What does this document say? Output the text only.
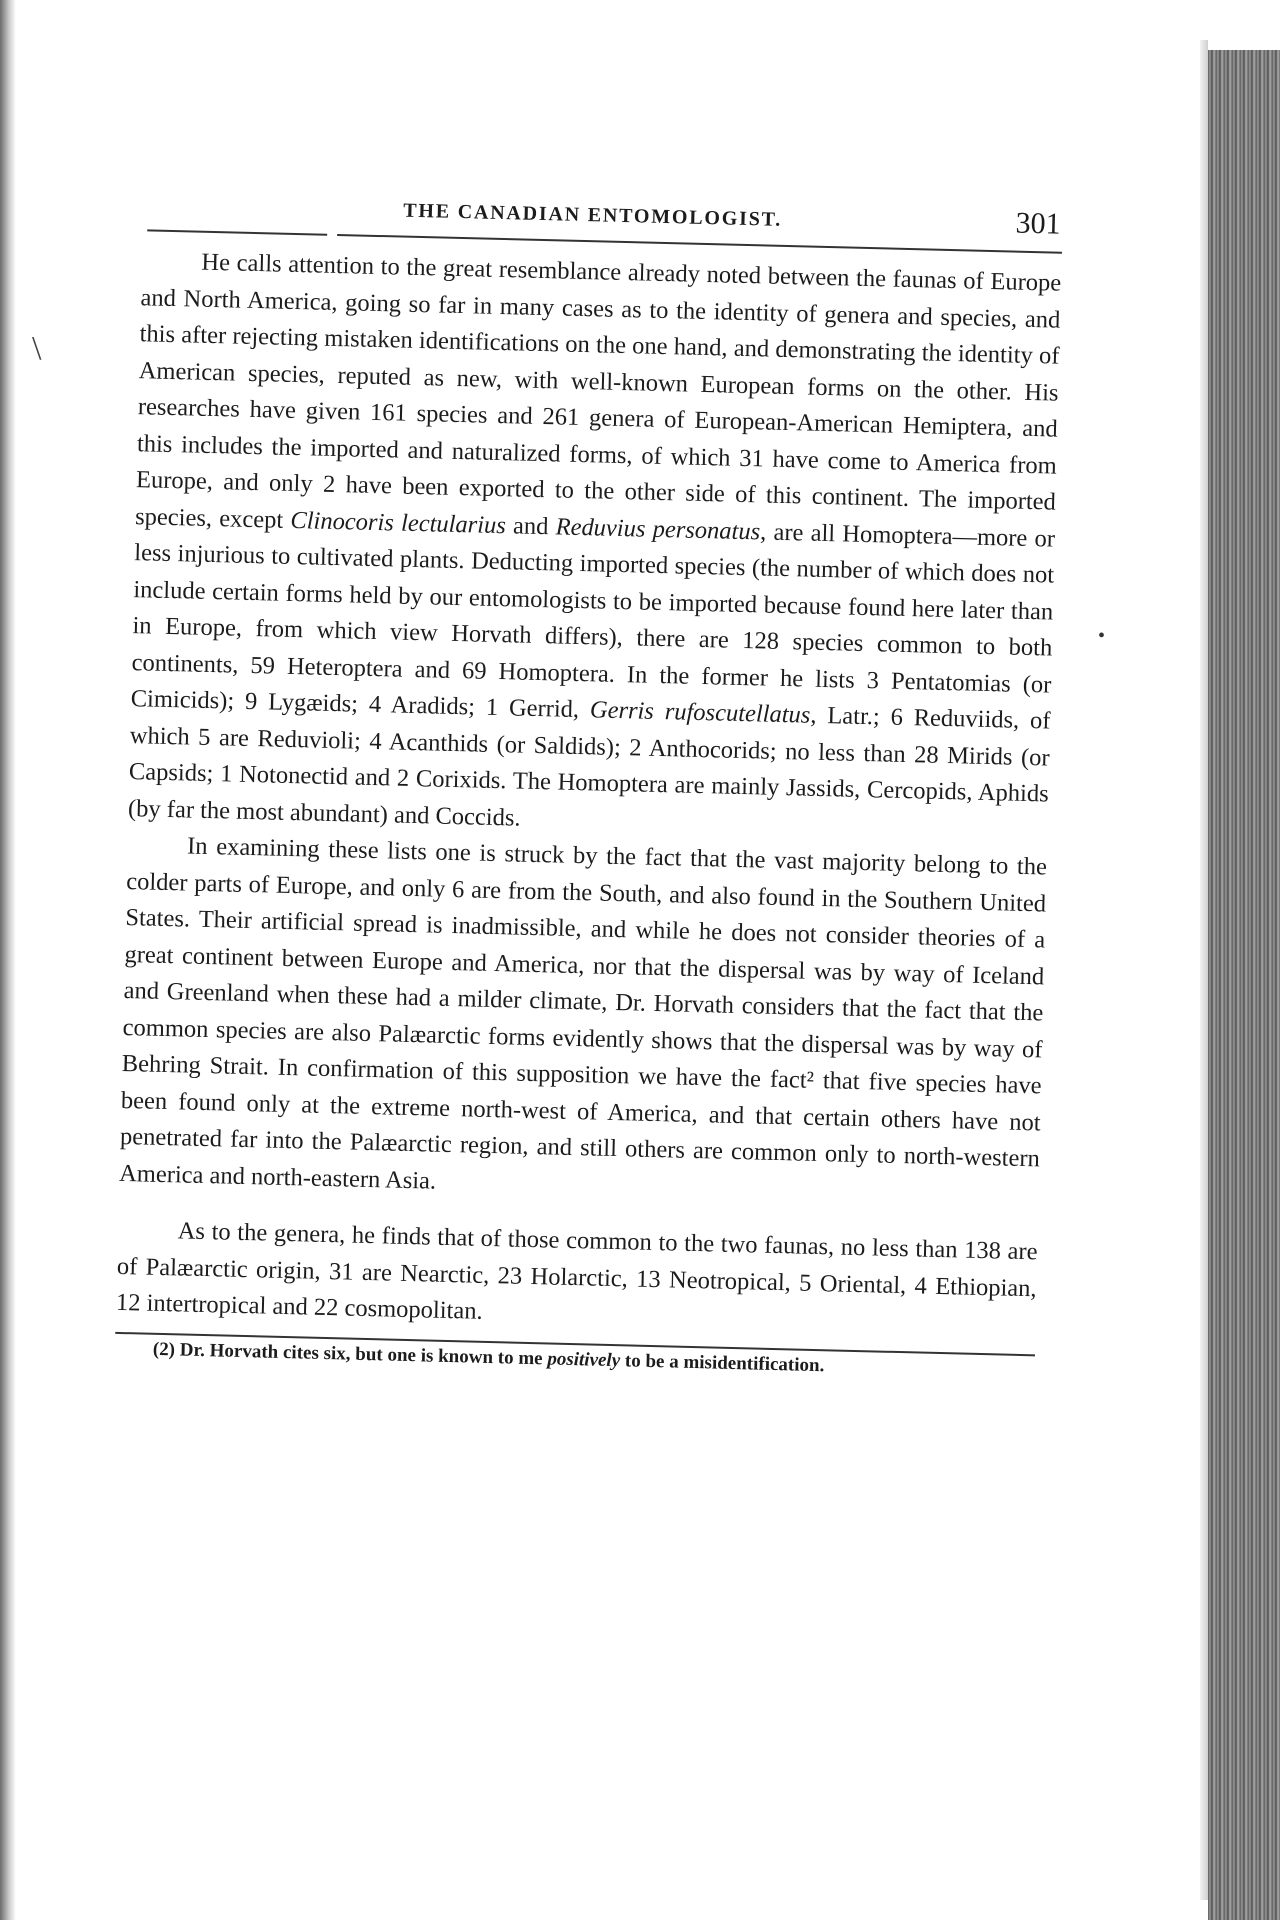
\
•
THE CANADIAN ENTOMOLOGIST.	301

He calls attention to the great resemblance already noted between the faunas of Europe and North America, going so far in many cases as to the identity of genera and species, and this after rejecting mistaken identifications on the one hand, and demonstrating the identity of American species, reputed as new, with well-known European forms on the other. His researches have given 161 species and 261 genera of European-American Hemiptera, and this includes the imported and naturalized forms, of which 31 have come to America from Europe, and only 2 have been exported to the other side of this continent. The imported species, except Clinocoris lectularius and Reduvius personatus, are all Homoptera—more or less injurious to cultivated plants. Deducting imported species (the number of which does not include certain forms held by our entomologists to be imported because found here later than in Europe, from which view Horvath differs), there are 128 species common to both continents, 59 Heteroptera and 69 Homoptera. In the former he lists 3 Pentatomias (or Cimicids); 9 Lygæids; 4 Aradids; 1 Gerrid, Gerris rufoscutellatus, Latr.; 6 Reduviids, of which 5 are Reduvioli; 4 Acanthids (or Saldids); 2 Anthocorids; no less than 28 Mirids (or Capsids; 1 Notonectid and 2 Corixids. The Homoptera are mainly Jassids, Cercopids, Aphids (by far the most abundant) and Coccids.

In examining these lists one is struck by the fact that the vast majority belong to the colder parts of Europe, and only 6 are from the South, and also found in the Southern United States. Their artificial spread is inadmissible, and while he does not consider theories of a great continent between Europe and America, nor that the dispersal was by way of Iceland and Greenland when these had a milder climate, Dr. Horvath considers that the fact that the common species are also Palæarctic forms evidently shows that the dispersal was by way of Behring Strait. In confirmation of this supposition we have the fact² that five species have been found only at the extreme north-west of America, and that certain others have not penetrated far into the Palæarctic region, and still others are common only to north-western America and north-eastern Asia.

As to the genera, he finds that of those common to the two faunas, no less than 138 are of Palæarctic origin, 31 are Nearctic, 23 Holarctic, 13 Neotropical, 5 Oriental, 4 Ethiopian, 12 intertropical and 22 cosmopolitan.

(2) Dr. Horvath cites six, but one is known to me positively to be a misidentification.
